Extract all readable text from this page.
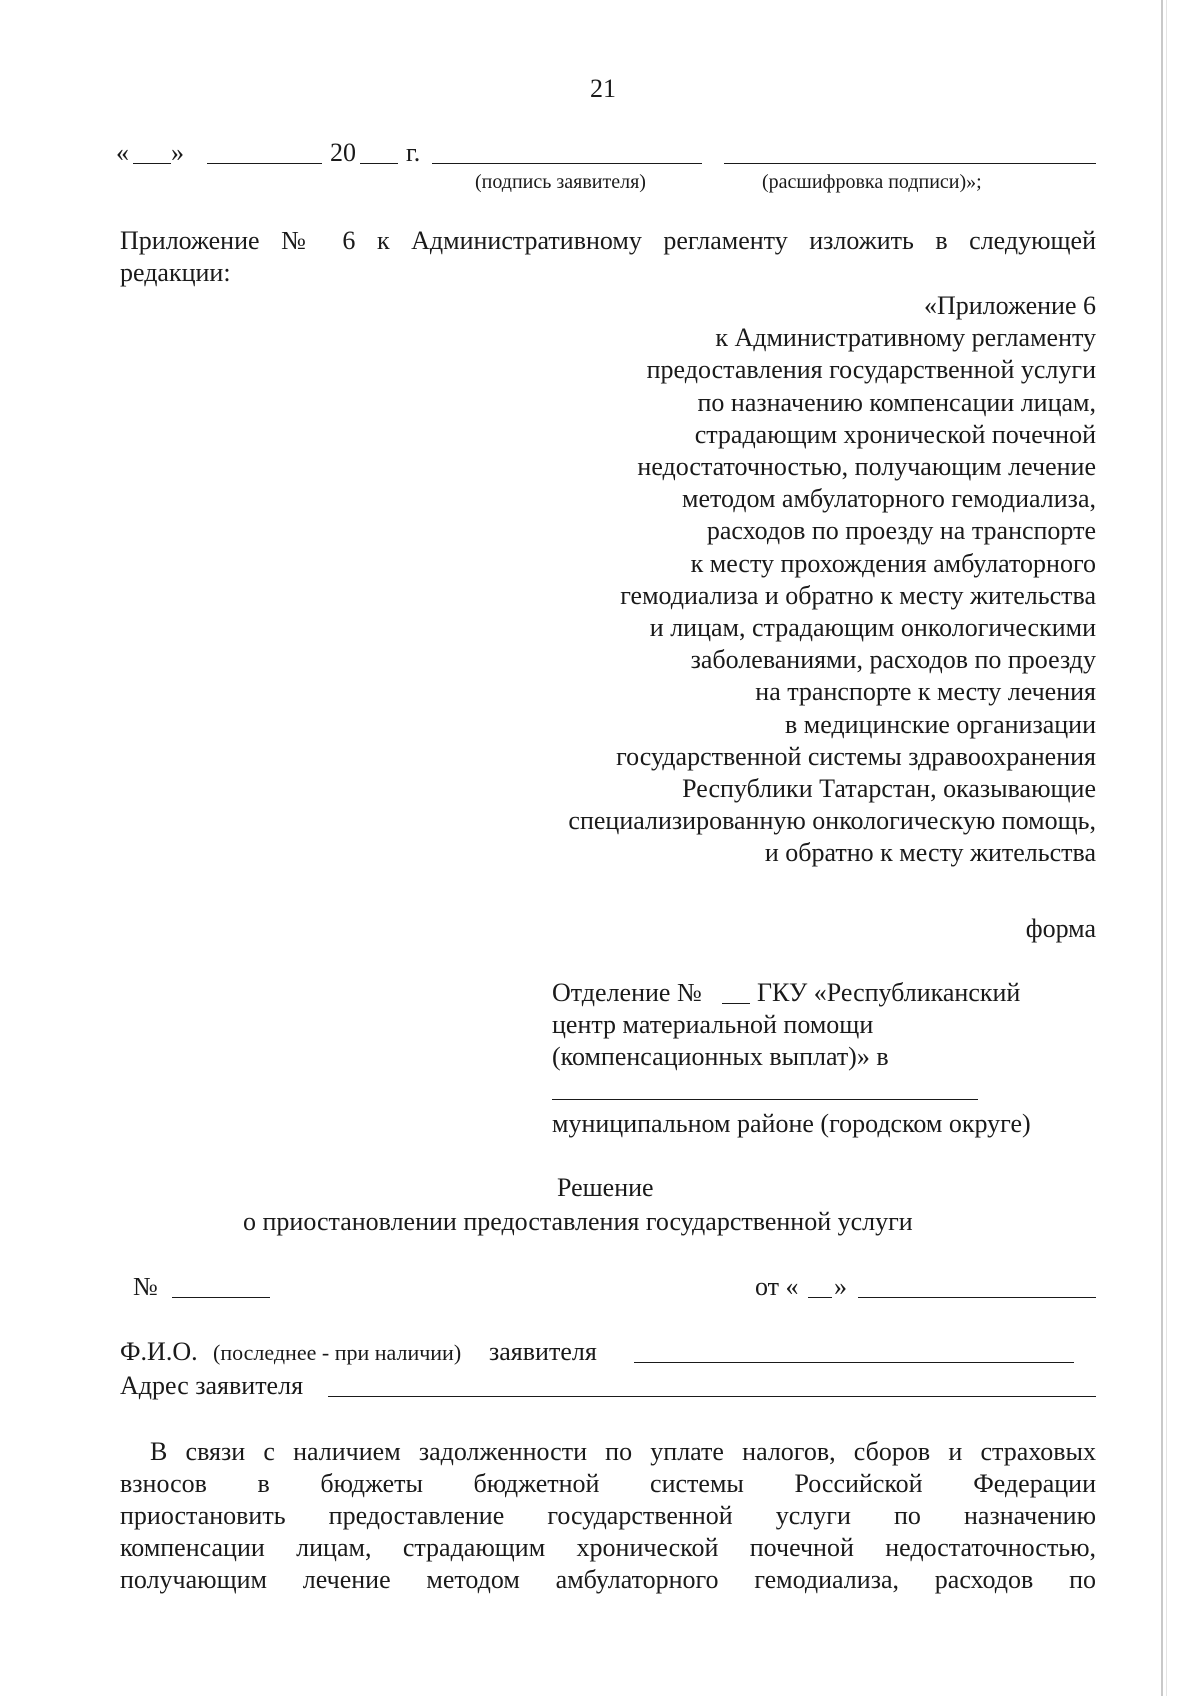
21
« »	20 г.
(подпись заявителя)	(расшифровка подписи)»;
Приложение № 6 к Административному регламенту изложить в следующей
редакции:
«Приложение 6
к Административному регламенту
предоставления государственной услуги
по назначению компенсации лицам,
страдающим хронической почечной
недостаточностью, получающим лечение
методом амбулаторного гемодиализа,
расходов по проезду на транспорте
к месту прохождения амбулаторного
гемодиализа и обратно к месту жительства
и лицам, страдающим онкологическими
заболеваниями, расходов по проезду
на транспорте к месту лечения
в медицинские организации
государственной системы здравоохранения
Республики Татарстан, оказывающие
специализированную онкологическую помощь,
и обратно к месту жительства
форма
Отделение № ГКУ «Республиканский
центр материальной помощи
(компенсационных выплат)» в
муниципальном районе (городском округе)
Решение
о приостановлении предоставления государственной услуги
№	от « »
Ф.И.О. (последнее - при наличии) заявителя
Адрес заявителя
В связи с наличием задолженности по уплате налогов, сборов и страховых
взносов в бюджеты бюджетной системы Российской Федерации
приостановить предоставление государственной услуги по назначению
компенсации лицам, страдающим хронической почечной недостаточностью,
получающим лечение методом амбулаторного гемодиализа, расходов по
